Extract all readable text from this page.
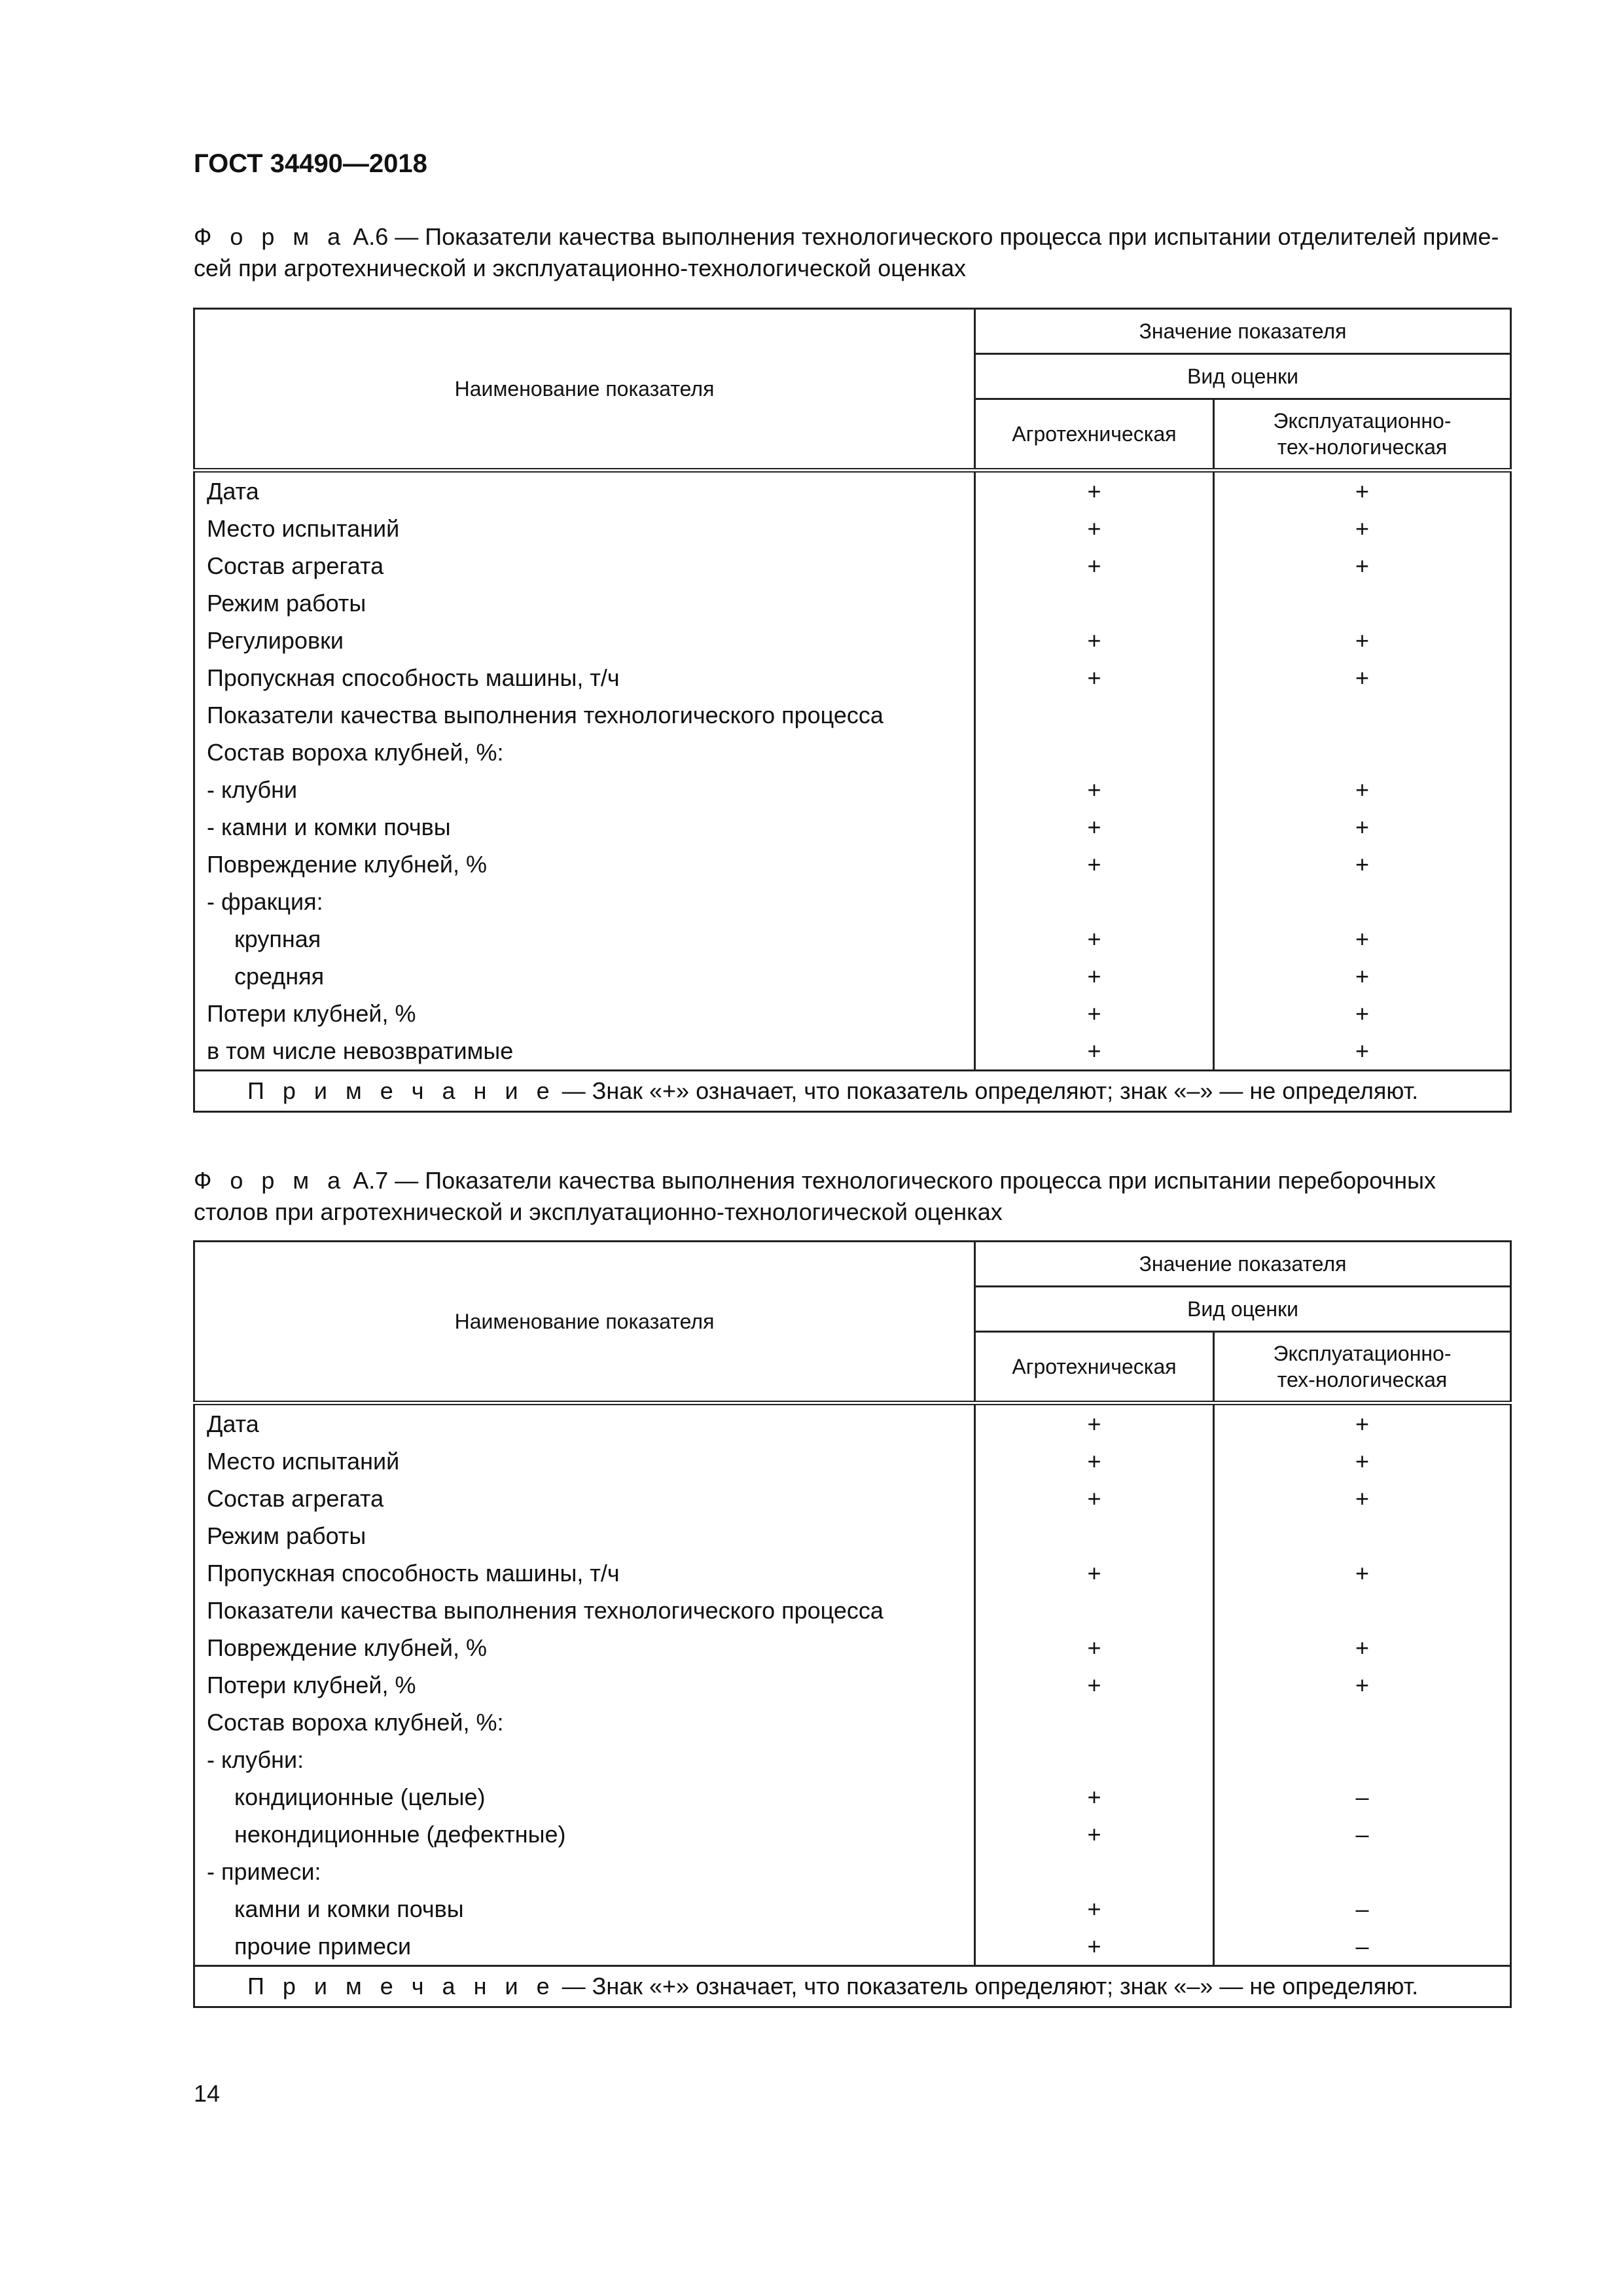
ГОСТ 34490—2018
Ф о р м а А.6 — Показатели качества выполнения технологического процесса при испытании отделителей приме-сей при агротехнической и эксплуатационно-технологической оценках
Наименование показателя	Значение показателя	
	Вид оценки	
	Агротехническая	Эксплуатационно-тех-нологическая

Дата	+	+
Место испытаний	+	+
Состав агрегата	+	+
Режим работы		
Регулировки	+	+
Пропускная способность машины, т/ч	+	+
Показатели качества выполнения технологического процесса		
Состав вороха клубней, %:		
- клубни	+	+
- камни и комки почвы	+	+
Повреждение клубней, %	+	+
- фракция:		
крупная	+	+
средняя	+	+
Потери клубней, %	+	+
в том числе невозвратимые	+	+
П р и м е ч а н и е — Знак «+» означает, что показатель определяют; знак «–» — не определяют.		
Ф о р м а А.7 — Показатели качества выполнения технологического процесса при испытании переборочных столов при агротехнической и эксплуатационно-технологической оценках
Наименование показателя	Значение показателя	
	Вид оценки	
	Агротехническая	Эксплуатационно-тех-нологическая

Дата	+	+
Место испытаний	+	+
Состав агрегата	+	+
Режим работы		
Пропускная способность машины, т/ч	+	+
Показатели качества выполнения технологического процесса		
Повреждение клубней, %	+	+
Потери клубней, %	+	+
Состав вороха клубней, %:		
- клубни:		
кондиционные (целые)	+	–
некондиционные (дефектные)	+	–
- примеси:		
камни и комки почвы	+	–
прочие примеси	+	–
П р и м е ч а н и е — Знак «+» означает, что показатель определяют; знак «–» — не определяют.		
14
